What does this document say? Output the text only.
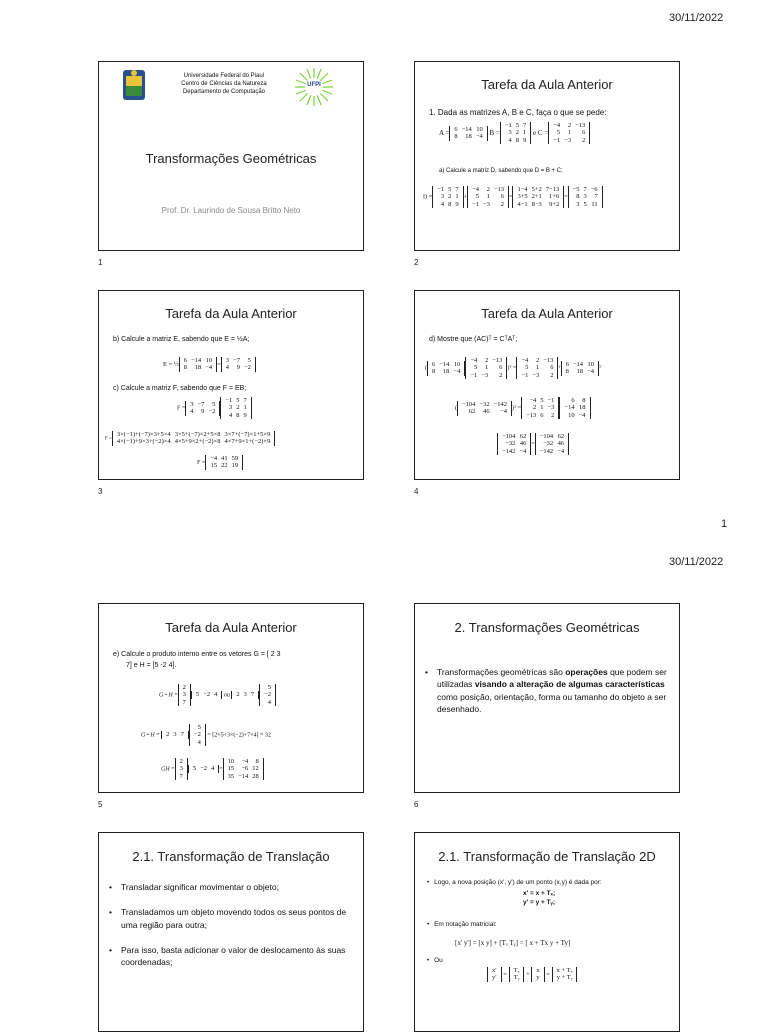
30/11/2022
Universidade Federal do Piauí
Centro de Ciências da Natureza
Departamento de Computação
UFPI
Transformações Geométricas
Prof. Dr. Laurindo de Sousa Britto Neto
1
Tarefa da Aula Anterior
1. Dada as matrizes A, B e C, faça o que se pede:
A = 6	−14	10
8	18	−4 B =
−1	5	7
3	2	1
4	8	9
e C =
−4	2	−13
5	1	6
−1	−3	2
a) Calcule a matriz D, sabendo que D = B + C;
D =
−1	5	7
3	2	1
4	8	9
+
−4	2	−13
5	1	6
−1	−3	2
=
1−4	5+2	7−13
3+5	2+1	1+6
4−1	8−3	9+2
=
−5	7	−6
8	3	7
3	5	11
2
Tarefa da Aula Anterior
b) Calcule a matriz E, sabendo que E = ½A;
E = ½
6	−14	10
8	18	−4
=
3	−7	5
4	9	−2
c) Calcule a matriz F, sabendo que F = EB;
F =
3	−7	5
4	9	−2
−1	5	7
3	2	1
4	8	9
F =
3×(−1)+(−7)×3+5×4	3×5+(−7)×2+5×8	3×7+(−7)×1+5×9
4×(−1)+9×3+(−2)×4	4×5+9×2+(−2)×8	4×7+9×1+(−2)×9
F =
−4	41	59
15	22	19
3
Tarefa da Aula Anterior
d) Mostre que (AC)ᵀ = CᵀAᵀ;
(
6	−14	10
8	18	−4
−4	2	−13
5	1	6
−1	−3	2
)ᵀ =
−4	2	−13
5	1	6
−1	−3	2
ᵀ
6	−14	10
8	18	−4 ᵀ
(
−104	−32	−142
62	46	−4 )ᵀ =
−4	5	−1
2	1	−3
−13	6	2
6	8
−14	18
10	−4
−104	62
−32	46
−142	−4
=
−104	62
−32	46
−142	−4
4
1
30/11/2022
Tarefa da Aula Anterior
e) Calcule o produto interno entre os vetores G = [ 2 3
7] e H = [5 -2 4].
G • H =
2
3
7
5	−2	4 ou 2	3	7
5
−2
4
G • H = 2	3	7
5
−2
4
= [2×5+3×(−2)+7×4] = 32
GH =
2
3
7
5	−2	4 =
10	−4	8
15	−6	12
35	−14	28
5
2. Transformações Geométricas
• Transformações geométricas são operações que podem ser utilizadas visando a alteração de algumas características como posição, orientação, forma ou tamanho do objeto a ser desenhado.
6
2.1. Transformação de Translação
• Transladar significar movimentar o objeto;
• Transladamos um objeto movendo todos os seus pontos de uma região para outra;
• Para isso, basta adicionar o valor de deslocamento às suas coordenadas;
2.1. Transformação de Translação 2D
• Logo, a nova posição (x', y') de um ponto (x,y) é dada por:
x' = x + Tₓ;
y' = y + Tᵧ;
• Em notação matricial:
[x' y'] = [x y] + [Tₓ Tᵧ] = [ x + Tx y + Ty]
• Ou
x′
y′
=
Tₓ
Tᵧ
+
x
y
=
x + Tₓ
y + Tᵧ
